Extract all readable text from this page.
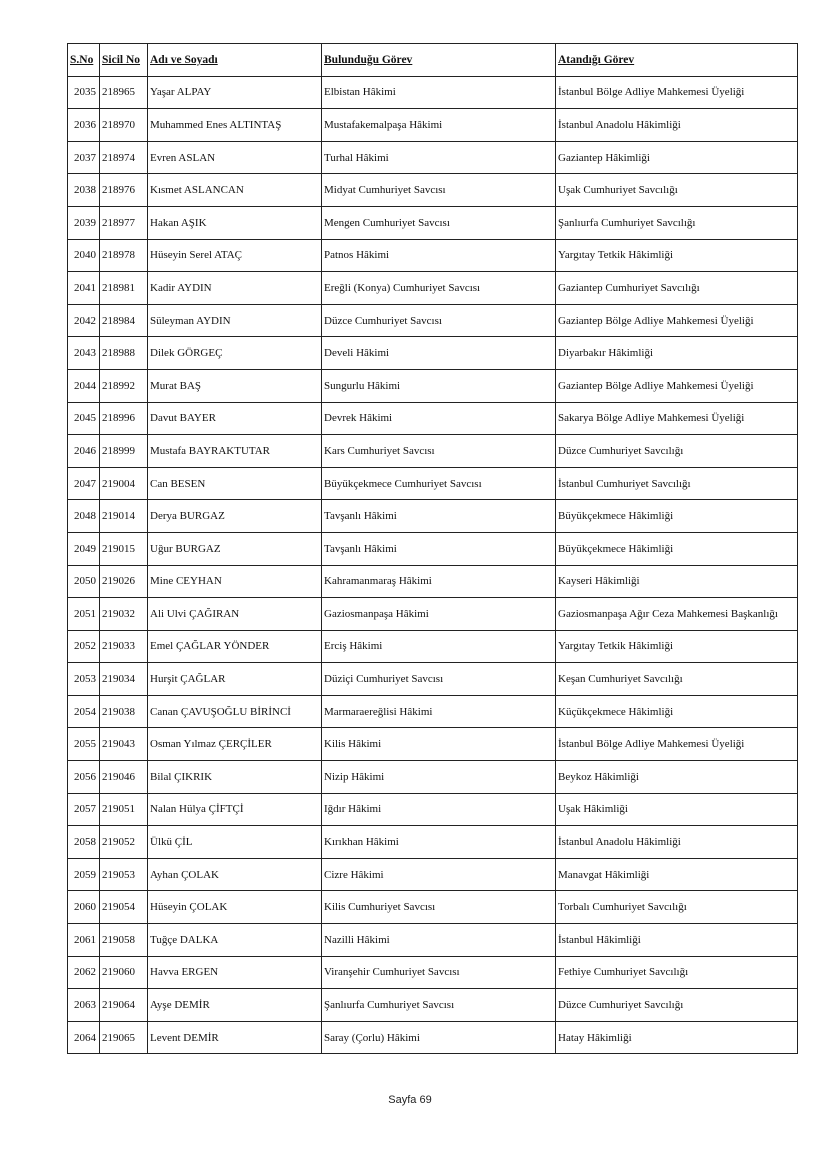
S.No	Sicil No	Adı ve Soyadı	Bulunduğu Görev	Atandığı Görev
2035	218965	Yaşar ALPAY	Elbistan Hâkimi	İstanbul Bölge Adliye Mahkemesi Üyeliği
2036	218970	Muhammed Enes ALTINTAŞ	Mustafakemalpaşa Hâkimi	İstanbul Anadolu Hâkimliği
2037	218974	Evren ASLAN	Turhal Hâkimi	Gaziantep Hâkimliği
2038	218976	Kısmet ASLANCAN	Midyat Cumhuriyet Savcısı	Uşak Cumhuriyet Savcılığı
2039	218977	Hakan AŞIK	Mengen Cumhuriyet Savcısı	Şanlıurfa Cumhuriyet Savcılığı
2040	218978	Hüseyin Serel ATAÇ	Patnos Hâkimi	Yargıtay Tetkik Hâkimliği
2041	218981	Kadir AYDIN	Ereğli (Konya) Cumhuriyet Savcısı	Gaziantep Cumhuriyet Savcılığı
2042	218984	Süleyman AYDIN	Düzce Cumhuriyet Savcısı	Gaziantep Bölge Adliye Mahkemesi Üyeliği
2043	218988	Dilek GÖRGEÇ	Develi Hâkimi	Diyarbakır Hâkimliği
2044	218992	Murat BAŞ	Sungurlu Hâkimi	Gaziantep Bölge Adliye Mahkemesi Üyeliği
2045	218996	Davut BAYER	Devrek Hâkimi	Sakarya Bölge Adliye Mahkemesi Üyeliği
2046	218999	Mustafa BAYRAKTUTAR	Kars Cumhuriyet Savcısı	Düzce Cumhuriyet Savcılığı
2047	219004	Can BESEN	Büyükçekmece Cumhuriyet Savcısı	İstanbul Cumhuriyet Savcılığı
2048	219014	Derya BURGAZ	Tavşanlı Hâkimi	Büyükçekmece Hâkimliği
2049	219015	Uğur BURGAZ	Tavşanlı Hâkimi	Büyükçekmece Hâkimliği
2050	219026	Mine CEYHAN	Kahramanmaraş Hâkimi	Kayseri Hâkimliği
2051	219032	Ali Ulvi ÇAĞIRAN	Gaziosmanpaşa Hâkimi	Gaziosmanpaşa Ağır Ceza Mahkemesi Başkanlığı
2052	219033	Emel ÇAĞLAR YÖNDER	Erciş Hâkimi	Yargıtay Tetkik Hâkimliği
2053	219034	Hurşit ÇAĞLAR	Düziçi Cumhuriyet Savcısı	Keşan Cumhuriyet Savcılığı
2054	219038	Canan ÇAVUŞOĞLU BİRİNCİ	Marmaraereğlisi Hâkimi	Küçükçekmece Hâkimliği
2055	219043	Osman Yılmaz ÇERÇİLER	Kilis Hâkimi	İstanbul Bölge Adliye Mahkemesi Üyeliği
2056	219046	Bilal ÇIKRIK	Nizip Hâkimi	Beykoz Hâkimliği
2057	219051	Nalan Hülya ÇİFTÇİ	Iğdır Hâkimi	Uşak Hâkimliği
2058	219052	Ülkü ÇİL	Kırıkhan Hâkimi	İstanbul Anadolu Hâkimliği
2059	219053	Ayhan ÇOLAK	Cizre Hâkimi	Manavgat Hâkimliği
2060	219054	Hüseyin ÇOLAK	Kilis Cumhuriyet Savcısı	Torbalı Cumhuriyet Savcılığı
2061	219058	Tuğçe DALKA	Nazilli Hâkimi	İstanbul Hâkimliği
2062	219060	Havva ERGEN	Viranşehir Cumhuriyet Savcısı	Fethiye Cumhuriyet Savcılığı
2063	219064	Ayşe DEMİR	Şanlıurfa Cumhuriyet Savcısı	Düzce Cumhuriyet Savcılığı
2064	219065	Levent DEMİR	Saray (Çorlu) Hâkimi	Hatay Hâkimliği
Sayfa 69
